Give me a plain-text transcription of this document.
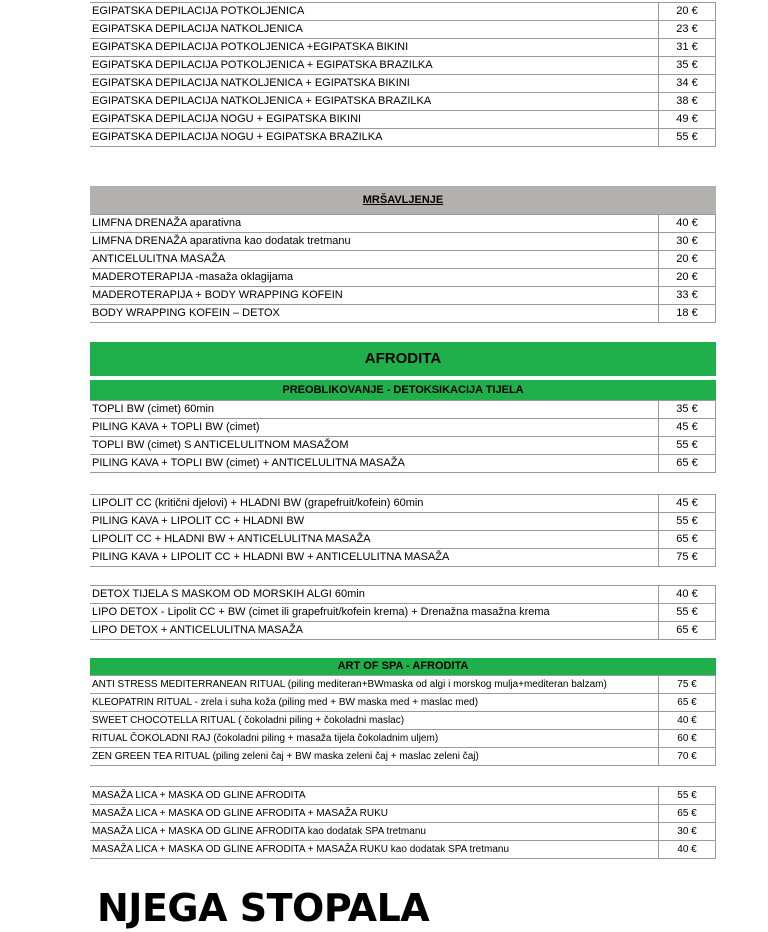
EGIPATSKA DEPILACIJA POTKOLJENICA	20 €
EGIPATSKA DEPILACIJA NATKOLJENICA	23 €
EGIPATSKA DEPILACIJA POTKOLJENICA +EGIPATSKA BIKINI	31 €
EGIPATSKA DEPILACIJA POTKOLJENICA + EGIPATSKA BRAZILKA	35 €
EGIPATSKA DEPILACIJA NATKOLJENICA + EGIPATSKA BIKINI	34 €
EGIPATSKA DEPILACIJA NATKOLJENICA + EGIPATSKA BRAZILKA	38 €
EGIPATSKA DEPILACIJA NOGU + EGIPATSKA BIKINI	49 €
EGIPATSKA DEPILACIJA NOGU + EGIPATSKA BRAZILKA	55 €
MRŠAVLJENJE
LIMFNA DRENAŽA aparativna	40 €
LIMFNA DRENAŽA aparativna kao dodatak tretmanu	30 €
ANTICELULITNA MASAŽA	20 €
MADEROTERAPIJA -masaža oklagijama	20 €
MADEROTERAPIJA + BODY WRAPPING KOFEIN	33 €
BODY WRAPPING KOFEIN – DETOX	18 €
AFRODITA
PREOBLIKOVANJE - DETOKSIKACIJA TIJELA
TOPLI BW (cimet) 60min	35 €
PILING KAVA + TOPLI BW (cimet)	45 €
TOPLI BW (cimet) S ANTICELULITNOM MASAŽOM	55 €
PILING KAVA + TOPLI BW (cimet) + ANTICELULITNA MASAŽA	65 €
LIPOLIT CC (kritični djelovi) + HLADNI BW (grapefruit/kofein) 60min	45 €
PILING KAVA + LIPOLIT CC + HLADNI BW	55 €
LIPOLIT CC + HLADNI BW + ANTICELULITNA MASAŽA	65 €
PILING KAVA + LIPOLIT CC + HLADNI BW + ANTICELULITNA MASAŽA	75 €
DETOX TIJELA S MASKOM OD MORSKIH ALGI 60min	40 €
LIPO DETOX - Lipolit CC + BW (cimet ili grapefruit/kofein krema) + Drenažna masažna krema	55 €
LIPO DETOX + ANTICELULITNA MASAŽA	65 €
ART OF SPA - AFRODITA
ANTI STRESS MEDITERRANEAN RITUAL (piling mediteran+BWmaska od algi i morskog mulja+mediteran balzam)	75 €
KLEOPATRIN RITUAL - zrela i suha koža (piling med + BW maska med + maslac med)	65 €
SWEET CHOCOTELLA RITUAL ( čokoladni piling + čokoladni maslac)	40 €
RITUAL ČOKOLADNI RAJ (čokoladni piling + masaža tijela čokoladnim uljem)	60 €
ZEN GREEN TEA RITUAL (piling zeleni čaj + BW maska zeleni čaj + maslac zeleni čaj)	70 €
MASAŽA LICA + MASKA OD GLINE AFRODITA	55 €
MASAŽA LICA + MASKA OD GLINE AFRODITA + MASAŽA RUKU	65 €
MASAŽA LICA + MASKA OD GLINE AFRODITA kao dodatak SPA tretmanu	30 €
MASAŽA LICA + MASKA OD GLINE AFRODITA + MASAŽA RUKU kao dodatak SPA tretmanu	40 €
NJEGA STOPALA
